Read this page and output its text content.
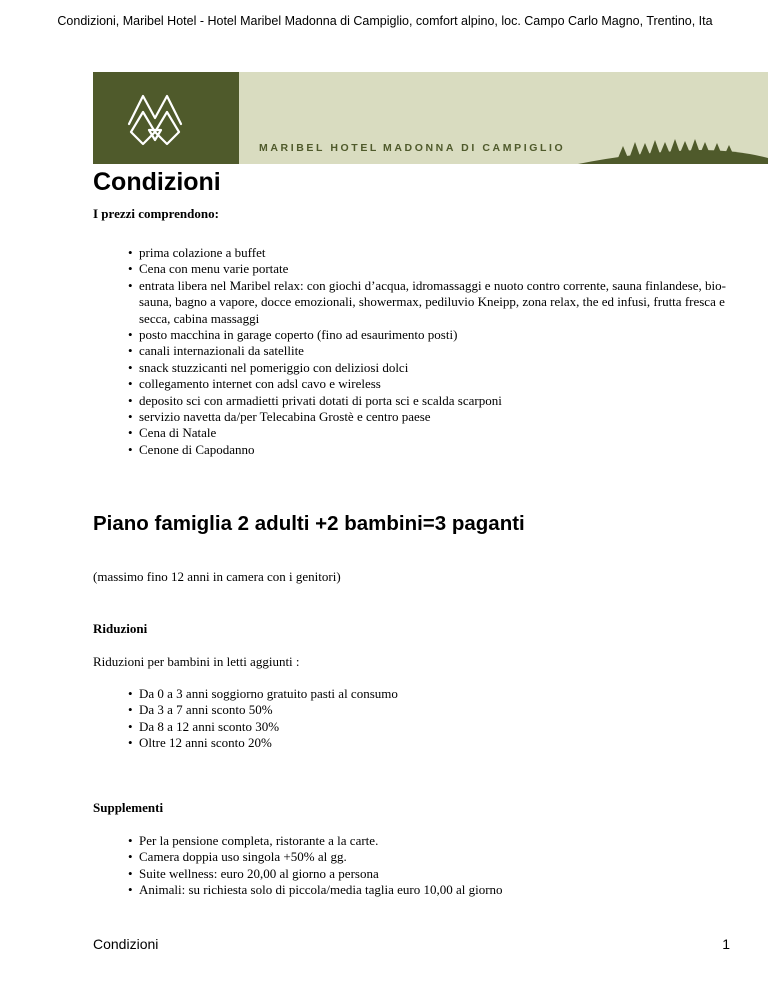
Condizioni, Maribel Hotel - Hotel Maribel Madonna di Campiglio, comfort alpino, loc. Campo Carlo Magno, Trentino, Ita
MARIBEL HOTEL MADONNA DI CAMPIGLIO
Condizioni

I prezzi comprendono:

• prima colazione a buffet
• Cena con menu varie portate
• entrata libera nel Maribel relax: con giochi d’acqua, idromassaggi e nuoto contro corrente, sauna finlandese, bio-sauna, bagno a vapore, docce emozionali, showermax, pediluvio Kneipp, zona relax, the ed infusi, frutta fresca e secca, cabina massaggi
• posto macchina in garage coperto (fino ad esaurimento posti)
• canali internazionali da satellite
• snack stuzzicanti nel pomeriggio con deliziosi dolci
• collegamento internet con adsl cavo e wireless
• deposito sci con armadietti privati dotati di porta sci e scalda scarponi
• servizio navetta da/per Telecabina Grostè e centro paese
• Cena di Natale
• Cenone di Capodanno
Piano famiglia 2 adulti +2 bambini=3 paganti

(massimo fino 12 anni in camera con i genitori)

Riduzioni

Riduzioni per bambini in letti aggiunti :

• Da 0 a 3 anni soggiorno gratuito pasti al consumo
• Da 3 a 7 anni sconto 50%
• Da 8 a 12 anni sconto 30%
• Oltre 12 anni sconto 20%

Supplementi

• Per la pensione completa, ristorante a la carte.
• Camera doppia uso singola +50% al gg.
• Suite wellness: euro 20,00 al giorno a persona
• Animali: su richiesta solo di piccola/media taglia euro 10,00 al giorno
Condizioni	1
